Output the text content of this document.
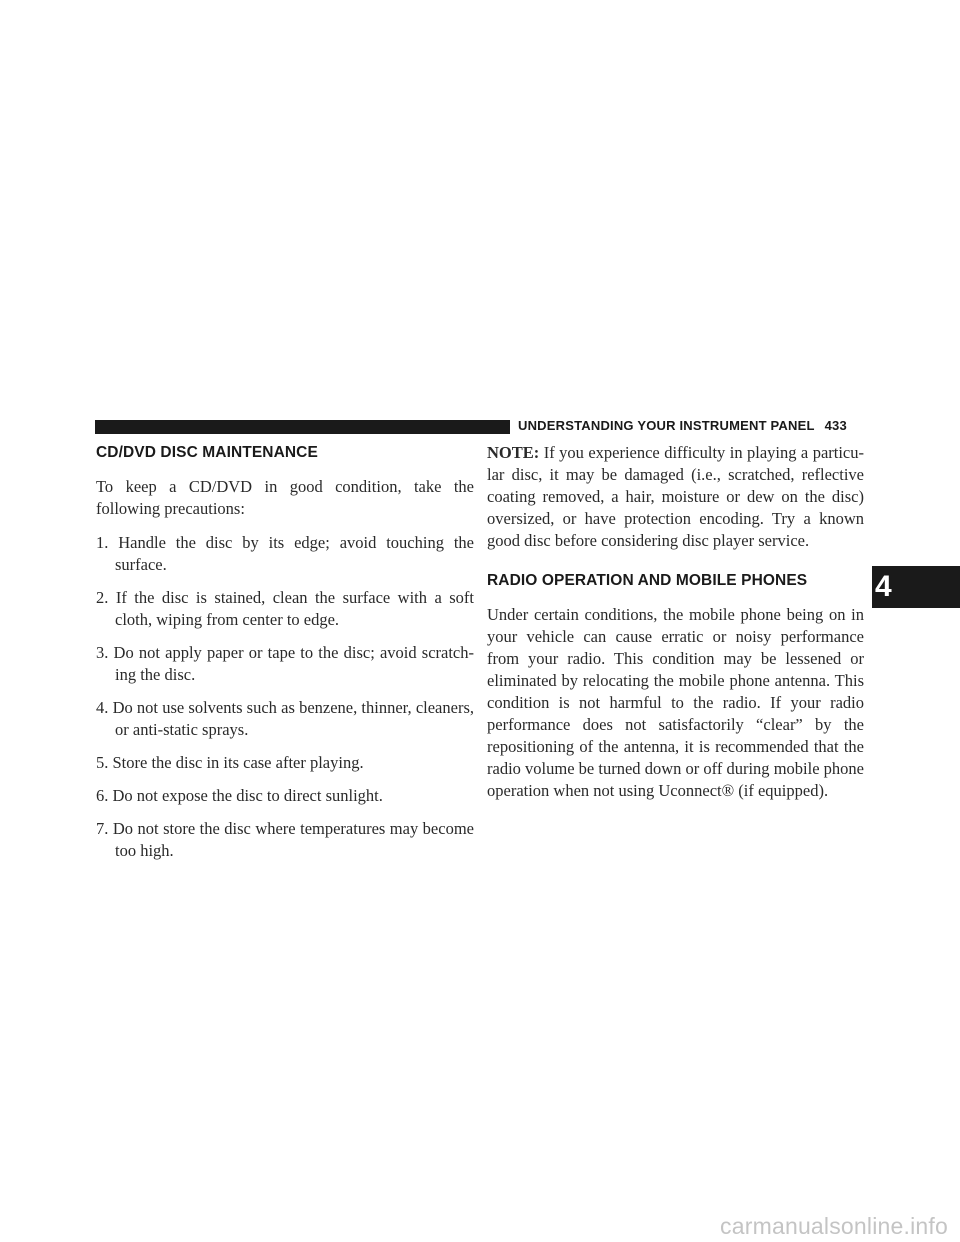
UNDERSTANDING YOUR INSTRUMENT PANEL 433
CD/DVD DISC MAINTENANCE

To keep a CD/DVD in good condition, take the following precautions:

1. Handle the disc by its edge; avoid touching the surface.
2. If the disc is stained, clean the surface with a soft cloth, wiping from center to edge.
3. Do not apply paper or tape to the disc; avoid scratch-ing the disc.
4. Do not use solvents such as benzene, thinner, cleaners, or anti-static sprays.
5. Store the disc in its case after playing.
6. Do not expose the disc to direct sunlight.
7. Do not store the disc where temperatures may become too high.

NOTE: If you experience difficulty in playing a particu-lar disc, it may be damaged (i.e., scratched, reflective coating removed, a hair, moisture or dew on the disc) oversized, or have protection encoding. Try a known good disc before considering disc player service.

RADIO OPERATION AND MOBILE PHONES

Under certain conditions, the mobile phone being on in your vehicle can cause erratic or noisy performance from your radio. This condition may be lessened or eliminated by relocating the mobile phone antenna. This condition is not harmful to the radio. If your radio performance does not satisfactorily “clear” by the repositioning of the antenna, it is recommended that the radio volume be turned down or off during mobile phone operation when not using Uconnect® (if equipped).

4
carmanualsonline.info
